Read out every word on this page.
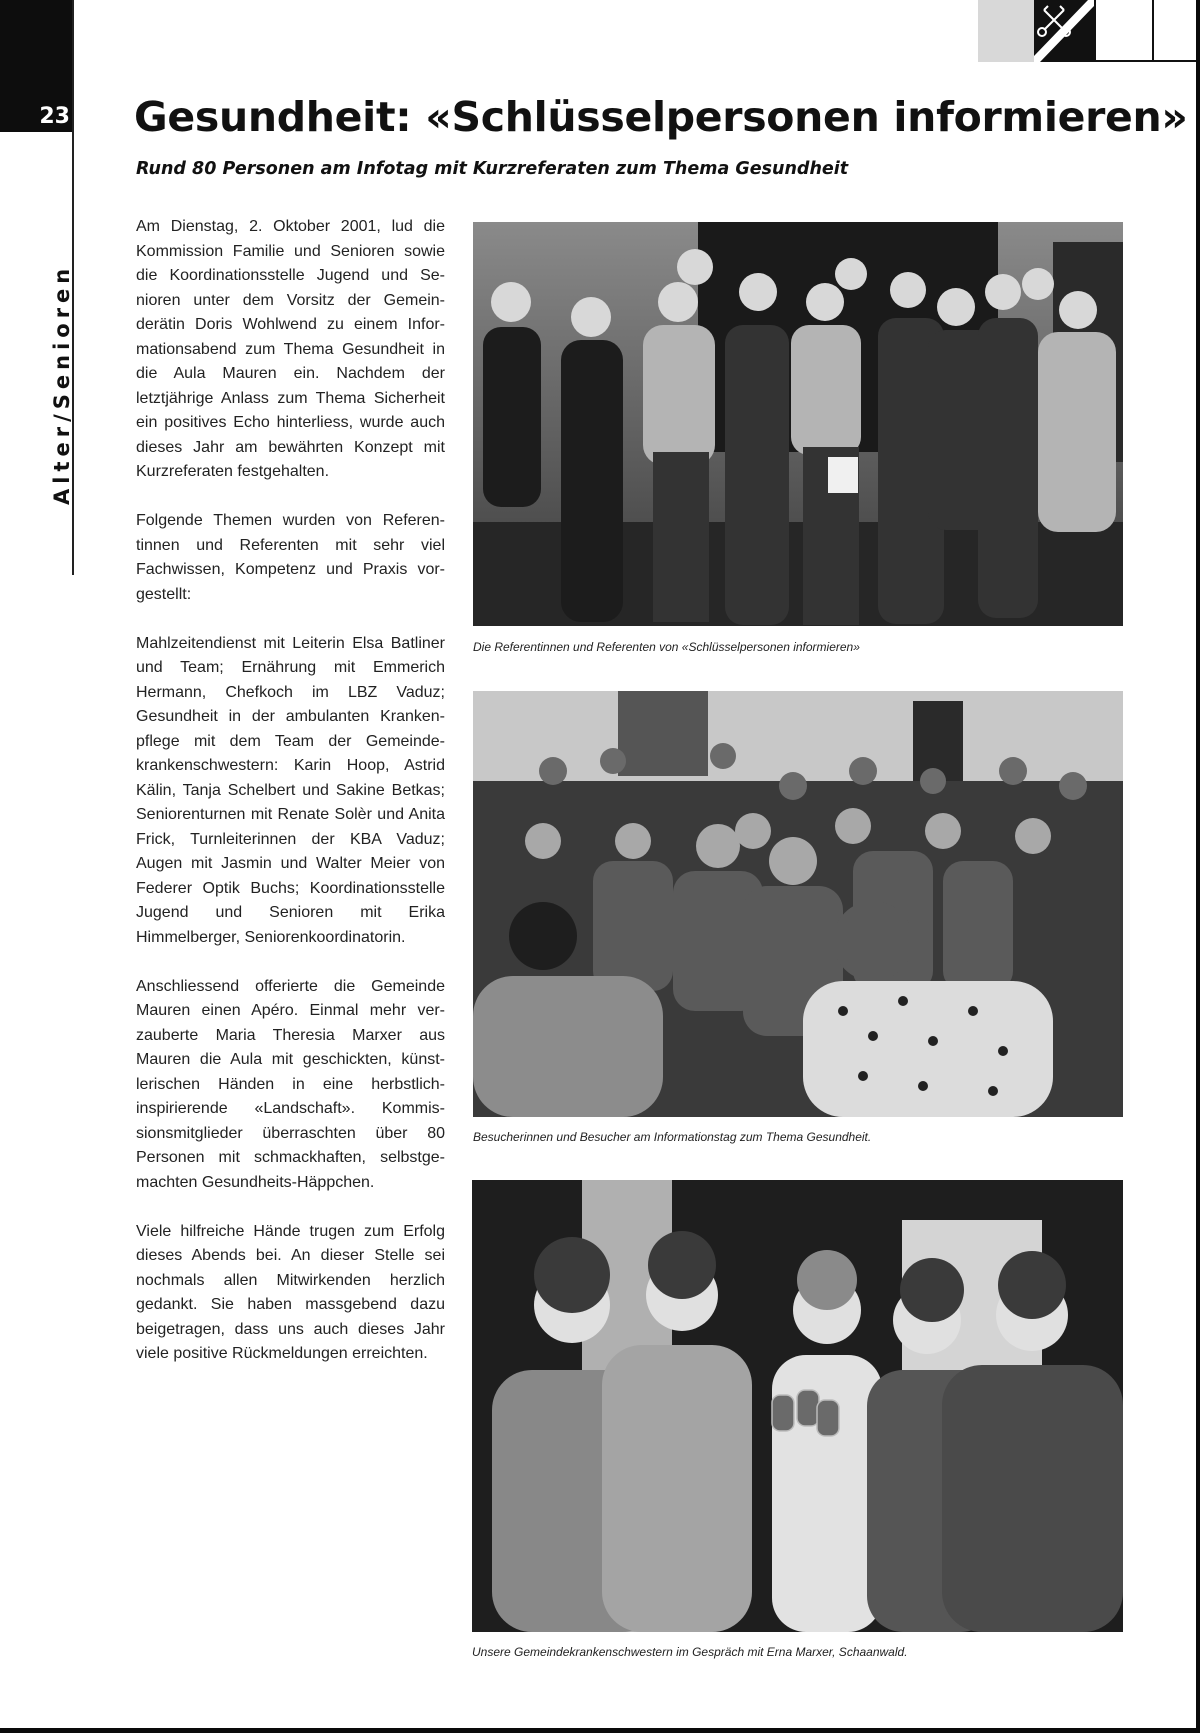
23
Alter/Senioren
Gesundheit: «Schlüsselpersonen informieren»
Rund 80 Personen am Infotag mit Kurzreferaten zum Thema Gesundheit

Am Dienstag, 2. Oktober 2001, lud die Kommission Familie und Senioren sowie die Koordinationsstelle Jugend und Senioren unter dem Vorsitz der Gemeinderätin Doris Wohlwend zu einem Informationsabend zum Thema Gesundheit in die Aula Mauren ein. Nachdem der letztjährige Anlass zum Thema Sicherheit ein positives Echo hinterliess, wurde auch dieses Jahr am bewährten Konzept mit Kurzreferaten festgehalten.

Folgende Themen wurden von Referentinnen und Referenten mit sehr viel Fachwissen, Kompetenz und Praxis vorgestellt:

Mahlzeitendienst mit Leiterin Elsa Batliner und Team; Ernährung mit Emmerich Hermann, Chefkoch im LBZ Vaduz; Gesundheit in der ambulanten Krankenpflege mit dem Team der Gemeindekrankenschwestern: Karin Hoop, Astrid Kälin, Tanja Schelbert und Sakine Betkas; Seniorenturnen mit Renate Solèr und Anita Frick, Turnleiterinnen der KBA Vaduz; Augen mit Jasmin und Walter Meier von Federer Optik Buchs; Koordinationsstelle Jugend und Senioren mit Erika Himmelberger, Seniorenkoordinatorin.

Anschliessend offerierte die Gemeinde Mauren einen Apéro. Einmal mehr verzauberte Maria Theresia Marxer aus Mauren die Aula mit geschickten, künstlerischen Händen in eine herbstlichinspirierende «Landschaft». Kommissionsmitglieder überraschten über 80 Personen mit schmackhaften, selbstgemachten Gesundheits-Häppchen.

Viele hilfreiche Hände trugen zum Erfolg dieses Abends bei. An dieser Stelle sei nochmals allen Mitwirkenden herzlich gedankt. Sie haben massgebend dazu beigetragen, dass uns auch dieses Jahr viele positive Rückmeldungen erreichten.

Die Referentinnen und Referenten von «Schlüsselpersonen informieren»
Besucherinnen und Besucher am Informationstag zum Thema Gesundheit.
Unsere Gemeindekrankenschwestern im Gespräch mit Erna Marxer, Schaanwald.
